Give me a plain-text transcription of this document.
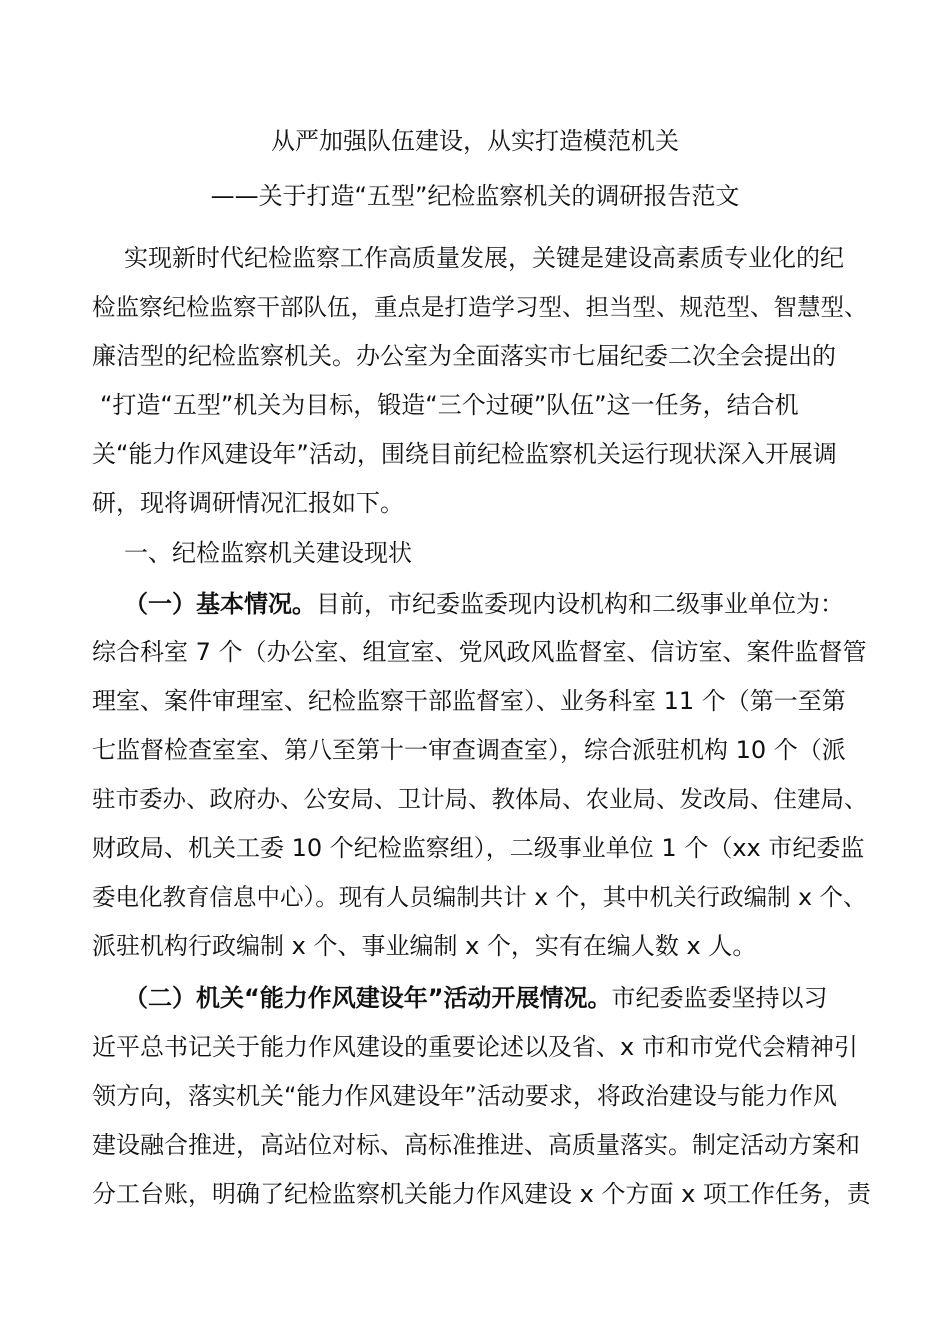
从严加强队伍建设，从实打造模范机关
——关于打造“五型”纪检监察机关的调研报告范文
实现新时代纪检监察工作高质量发展，关键是建设高素质专业化的纪
检监察纪检监察干部队伍，重点是打造学习型、担当型、规范型、智慧型、
廉洁型的纪检监察机关。办公室为全面落实市七届纪委二次全会提出的
“打造“五型”机关为目标，锻造“三个过硬”队伍”这一任务，结合机
关“能力作风建设年”活动，围绕目前纪检监察机关运行现状深入开展调
研，现将调研情况汇报如下。
一、纪检监察机关建设现状
（一）基本情况。目前，市纪委监委现内设机构和二级事业单位为：
综合科室 7 个（办公室、组宣室、党风政风监督室、信访室、案件监督管
理室、案件审理室、纪检监察干部监督室）、业务科室 11 个（第一至第
七监督检查室室、第八至第十一审查调查室），综合派驻机构 10 个（派
驻市委办、政府办、公安局、卫计局、教体局、农业局、发改局、住建局、
财政局、机关工委 10 个纪检监察组），二级事业单位 1 个（xx 市纪委监
委电化教育信息中心）。现有人员编制共计 x 个，其中机关行政编制 x 个、
派驻机构行政编制 x 个、事业编制 x 个，实有在编人数 x 人。
（二）机关“能力作风建设年”活动开展情况。市纪委监委坚持以习
近平总书记关于能力作风建设的重要论述以及省、x 市和市党代会精神引
领方向，落实机关“能力作风建设年”活动要求，将政治建设与能力作风
建设融合推进，高站位对标、高标准推进、高质量落实。制定活动方案和
分工台账，明确了纪检监察机关能力作风建设 x 个方面 x 项工作任务，责
